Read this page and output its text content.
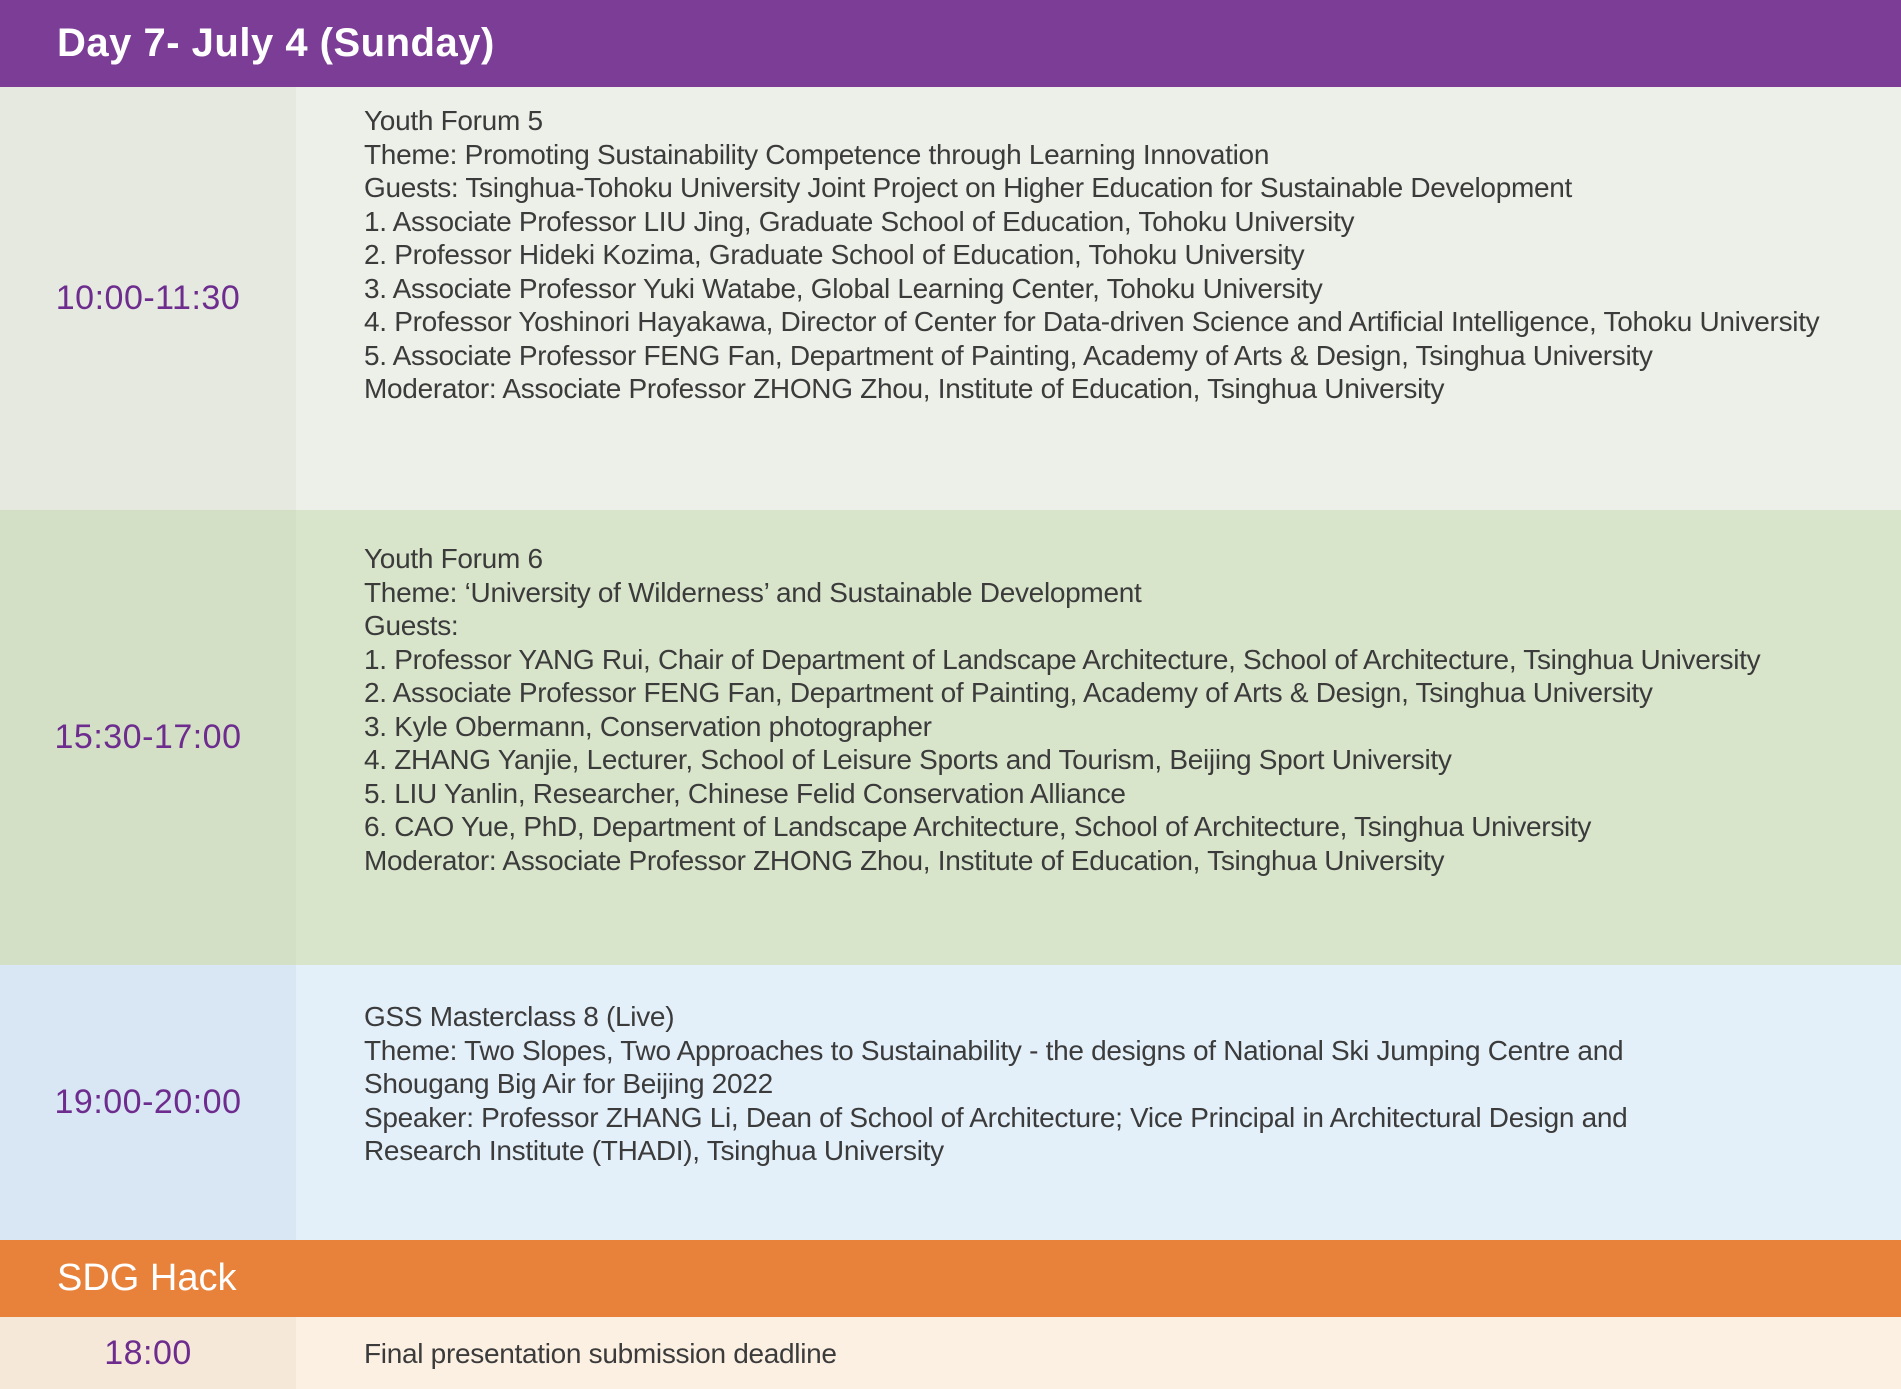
Day 7- July 4 (Sunday)
10:00-11:30
Youth Forum 5
Theme: Promoting Sustainability Competence through Learning Innovation
Guests: Tsinghua-Tohoku University Joint Project on Higher Education for Sustainable Development
1. Associate Professor LIU Jing, Graduate School of Education, Tohoku University
2. Professor Hideki Kozima, Graduate School of Education, Tohoku University
3. Associate Professor Yuki Watabe, Global Learning Center, Tohoku University
4. Professor Yoshinori Hayakawa, Director of Center for Data-driven Science and Artificial Intelligence, Tohoku University
5. Associate Professor FENG Fan, Department of Painting, Academy of Arts & Design, Tsinghua University
Moderator: Associate Professor ZHONG Zhou, Institute of Education, Tsinghua University
15:30-17:00
Youth Forum 6
Theme: ‘University of Wilderness’ and Sustainable Development
Guests:
1. Professor YANG Rui, Chair of Department of Landscape Architecture, School of Architecture, Tsinghua University
2. Associate Professor FENG Fan, Department of Painting, Academy of Arts & Design, Tsinghua University
3. Kyle Obermann, Conservation photographer
4. ZHANG Yanjie, Lecturer, School of Leisure Sports and Tourism, Beijing Sport University
5. LIU Yanlin, Researcher, Chinese Felid Conservation Alliance
6. CAO Yue, PhD, Department of Landscape Architecture, School of Architecture, Tsinghua University
Moderator: Associate Professor ZHONG Zhou, Institute of Education, Tsinghua University
19:00-20:00
GSS Masterclass 8 (Live)
Theme: Two Slopes, Two Approaches to Sustainability - the designs of National Ski Jumping Centre and
Shougang Big Air for Beijing 2022
Speaker: Professor ZHANG Li, Dean of School of Architecture; Vice Principal in Architectural Design and
Research Institute (THADI), Tsinghua University
SDG Hack
18:00	Final presentation submission deadline
